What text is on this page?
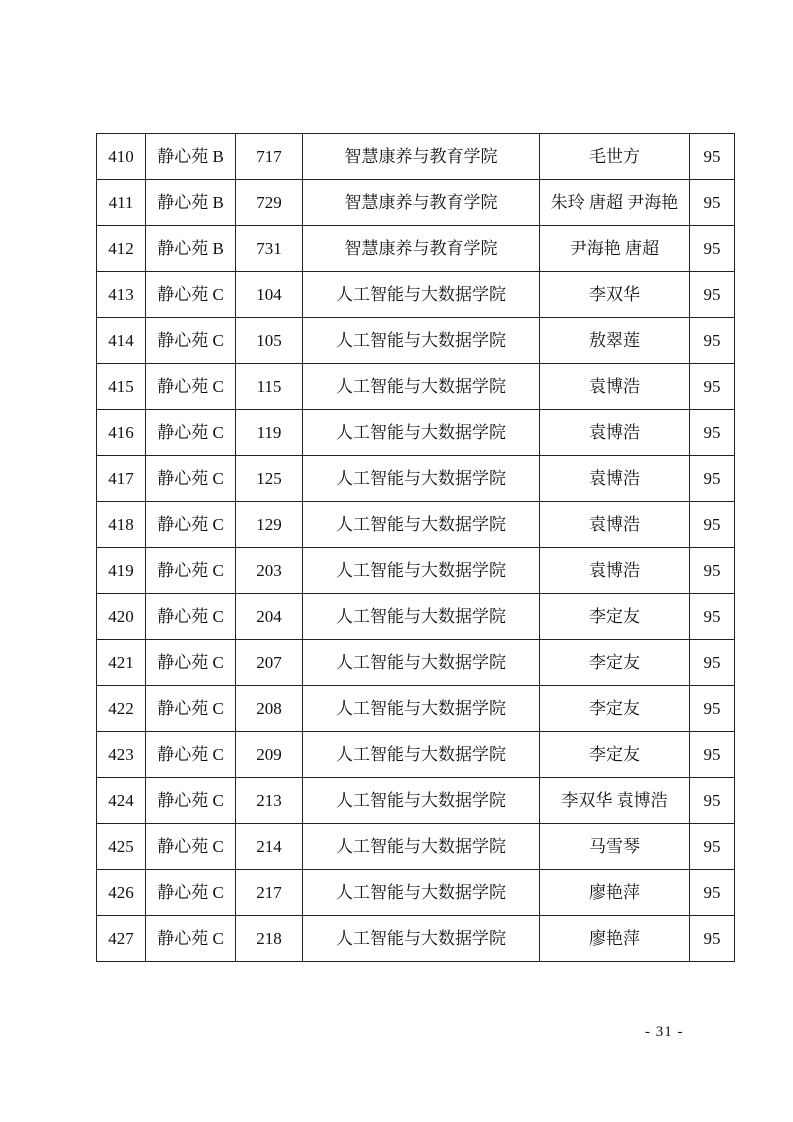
410	静心苑 B	717	智慧康养与教育学院	毛世方	95
411	静心苑 B	729	智慧康养与教育学院	朱玲 唐超 尹海艳	95
412	静心苑 B	731	智慧康养与教育学院	尹海艳 唐超	95
413	静心苑 C	104	人工智能与大数据学院	李双华	95
414	静心苑 C	105	人工智能与大数据学院	敖翠莲	95
415	静心苑 C	115	人工智能与大数据学院	袁博浩	95
416	静心苑 C	119	人工智能与大数据学院	袁博浩	95
417	静心苑 C	125	人工智能与大数据学院	袁博浩	95
418	静心苑 C	129	人工智能与大数据学院	袁博浩	95
419	静心苑 C	203	人工智能与大数据学院	袁博浩	95
420	静心苑 C	204	人工智能与大数据学院	李定友	95
421	静心苑 C	207	人工智能与大数据学院	李定友	95
422	静心苑 C	208	人工智能与大数据学院	李定友	95
423	静心苑 C	209	人工智能与大数据学院	李定友	95
424	静心苑 C	213	人工智能与大数据学院	李双华 袁博浩	95
425	静心苑 C	214	人工智能与大数据学院	马雪琴	95
426	静心苑 C	217	人工智能与大数据学院	廖艳萍	95
427	静心苑 C	218	人工智能与大数据学院	廖艳萍	95
- 31 -
